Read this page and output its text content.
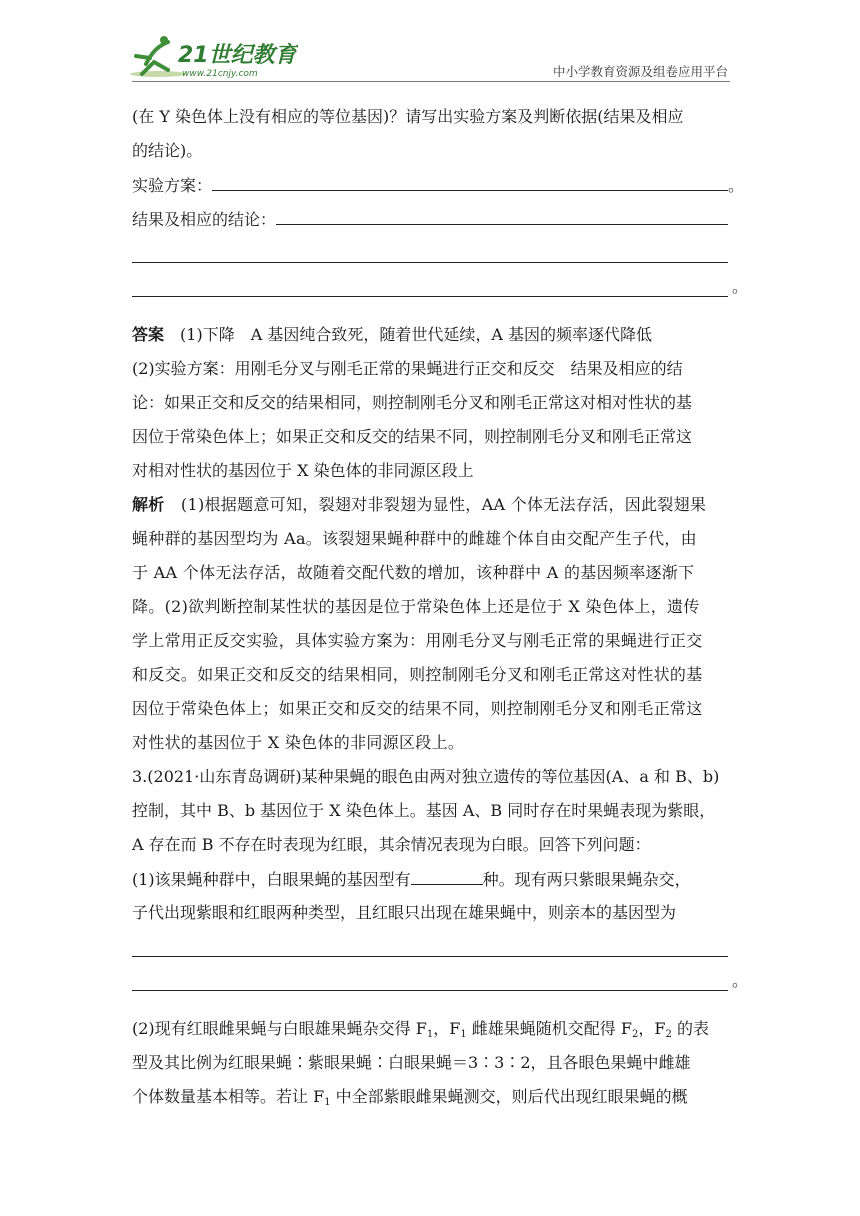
21世纪教育
www.21cnjy.com	中小学教育资源及组卷应用平台
(在 Y 染色体上没有相应的等位基因)？请写出实验方案及判断依据(结果及相应
的结论)。
实验方案：	。
结果及相应的结论：
。
答案　 (1)下降　A 基因纯合致死，随着世代延续，A 基因的频率逐代降低
(2)实验方案：用刚毛分叉与刚毛正常的果蝇进行正交和反交　结果及相应的结
论：如果正交和反交的结果相同，则控制刚毛分叉和刚毛正常这对相对性状的基
因位于常染色体上；如果正交和反交的结果不同，则控制刚毛分叉和刚毛正常这
对相对性状的基因位于 X 染色体的非同源区段上
解析　 (1)根据题意可知，裂翅对非裂翅为显性，AA 个体无法存活，因此裂翅果
蝇种群的基因型均为 Aa。该裂翅果蝇种群中的雌雄个体自由交配产生子代，由
于 AA 个体无法存活，故随着交配代数的增加，该种群中 A 的基因频率逐渐下
降。(2)欲判断控制某性状的基因是位于常染色体上还是位于 X 染色体上，遗传
学上常用正反交实验，具体实验方案为：用刚毛分叉与刚毛正常的果蝇进行正交
和反交。如果正交和反交的结果相同，则控制刚毛分叉和刚毛正常这对性状的基
因位于常染色体上；如果正交和反交的结果不同，则控制刚毛分叉和刚毛正常这
对性状的基因位于 X 染色体的非同源区段上。
3.(2021·山东青岛调研)某种果蝇的眼色由两对独立遗传的等位基因(A、a 和 B、b)
控制，其中 B、b 基因位于 X 染色体上。基因 A、B 同时存在时果蝇表现为紫眼，
A 存在而 B 不存在时表现为红眼，其余情况表现为白眼。回答下列问题：
(1)该果蝇种群中，白眼果蝇的基因型有	种。现有两只紫眼果蝇杂交，
子代出现紫眼和红眼两种类型，且红眼只出现在雄果蝇中，则亲本的基因型为
。
(2)现有红眼雌果蝇与白眼雄果蝇杂交得 $F_1$，$F_1$ 雌雄果蝇随机交配得 $F_2$，$F_2$ 的表
型及其比例为红眼果蝇∶紫眼果蝇∶白眼果蝇＝3∶3∶2，且各眼色果蝇中雌雄
个体数量基本相等。若让 $F_1$ 中全部紫眼雌果蝇测交，则后代出现红眼果蝇的概
